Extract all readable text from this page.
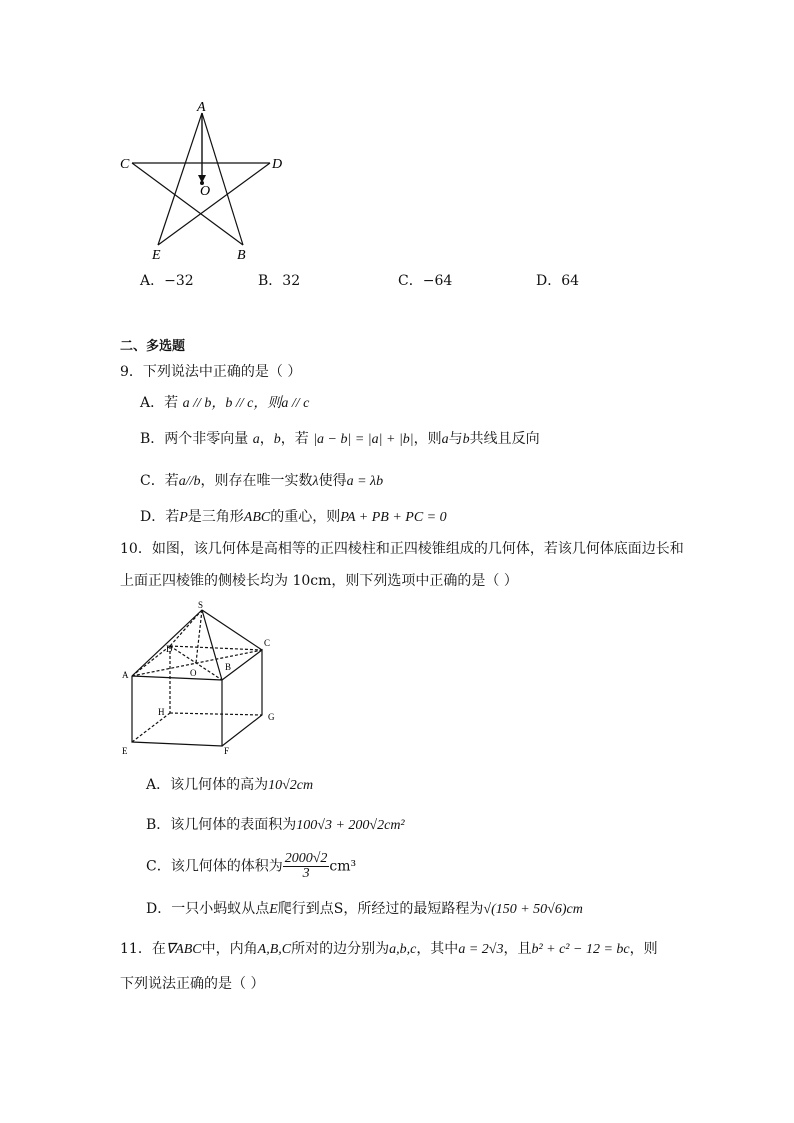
A
C	D
O
E	B
A．−32	B．32	C．−64	D．64
二、多选题
9．下列说法中正确的是（ ）
A．若 a // b，b // c，则a // c
B．两个非零向量 a，b，若 |a − b| = |a| + |b|，则a与b共线且反向
C．若a//b，则存在唯一实数λ使得a = λb
D．若P是三角形ABC的重心，则PA + PB + PC = 0
10．如图，该几何体是高相等的正四棱柱和正四棱锥组成的几何体，若该几何体底面边长和
上面正四棱锥的侧棱长均为 10cm，则下列选项中正确的是（ ）
S
D
C
A	O
B
H	G
E	F
A．该几何体的高为10√2cm
B．该几何体的表面积为100√3 + 200√2cm²
C．该几何体的体积为 $\frac{2000√2}{3} cm^3$
D．一只小蚂蚁从点E爬行到点S，所经过的最短路程为√(150 + 50√6)cm
11．在∇ABC中，内角A,B,C所对的边分别为a,b,c，其中a = 2√3，且b² + c² − 12 = bc，则
下列说法正确的是（ ）
